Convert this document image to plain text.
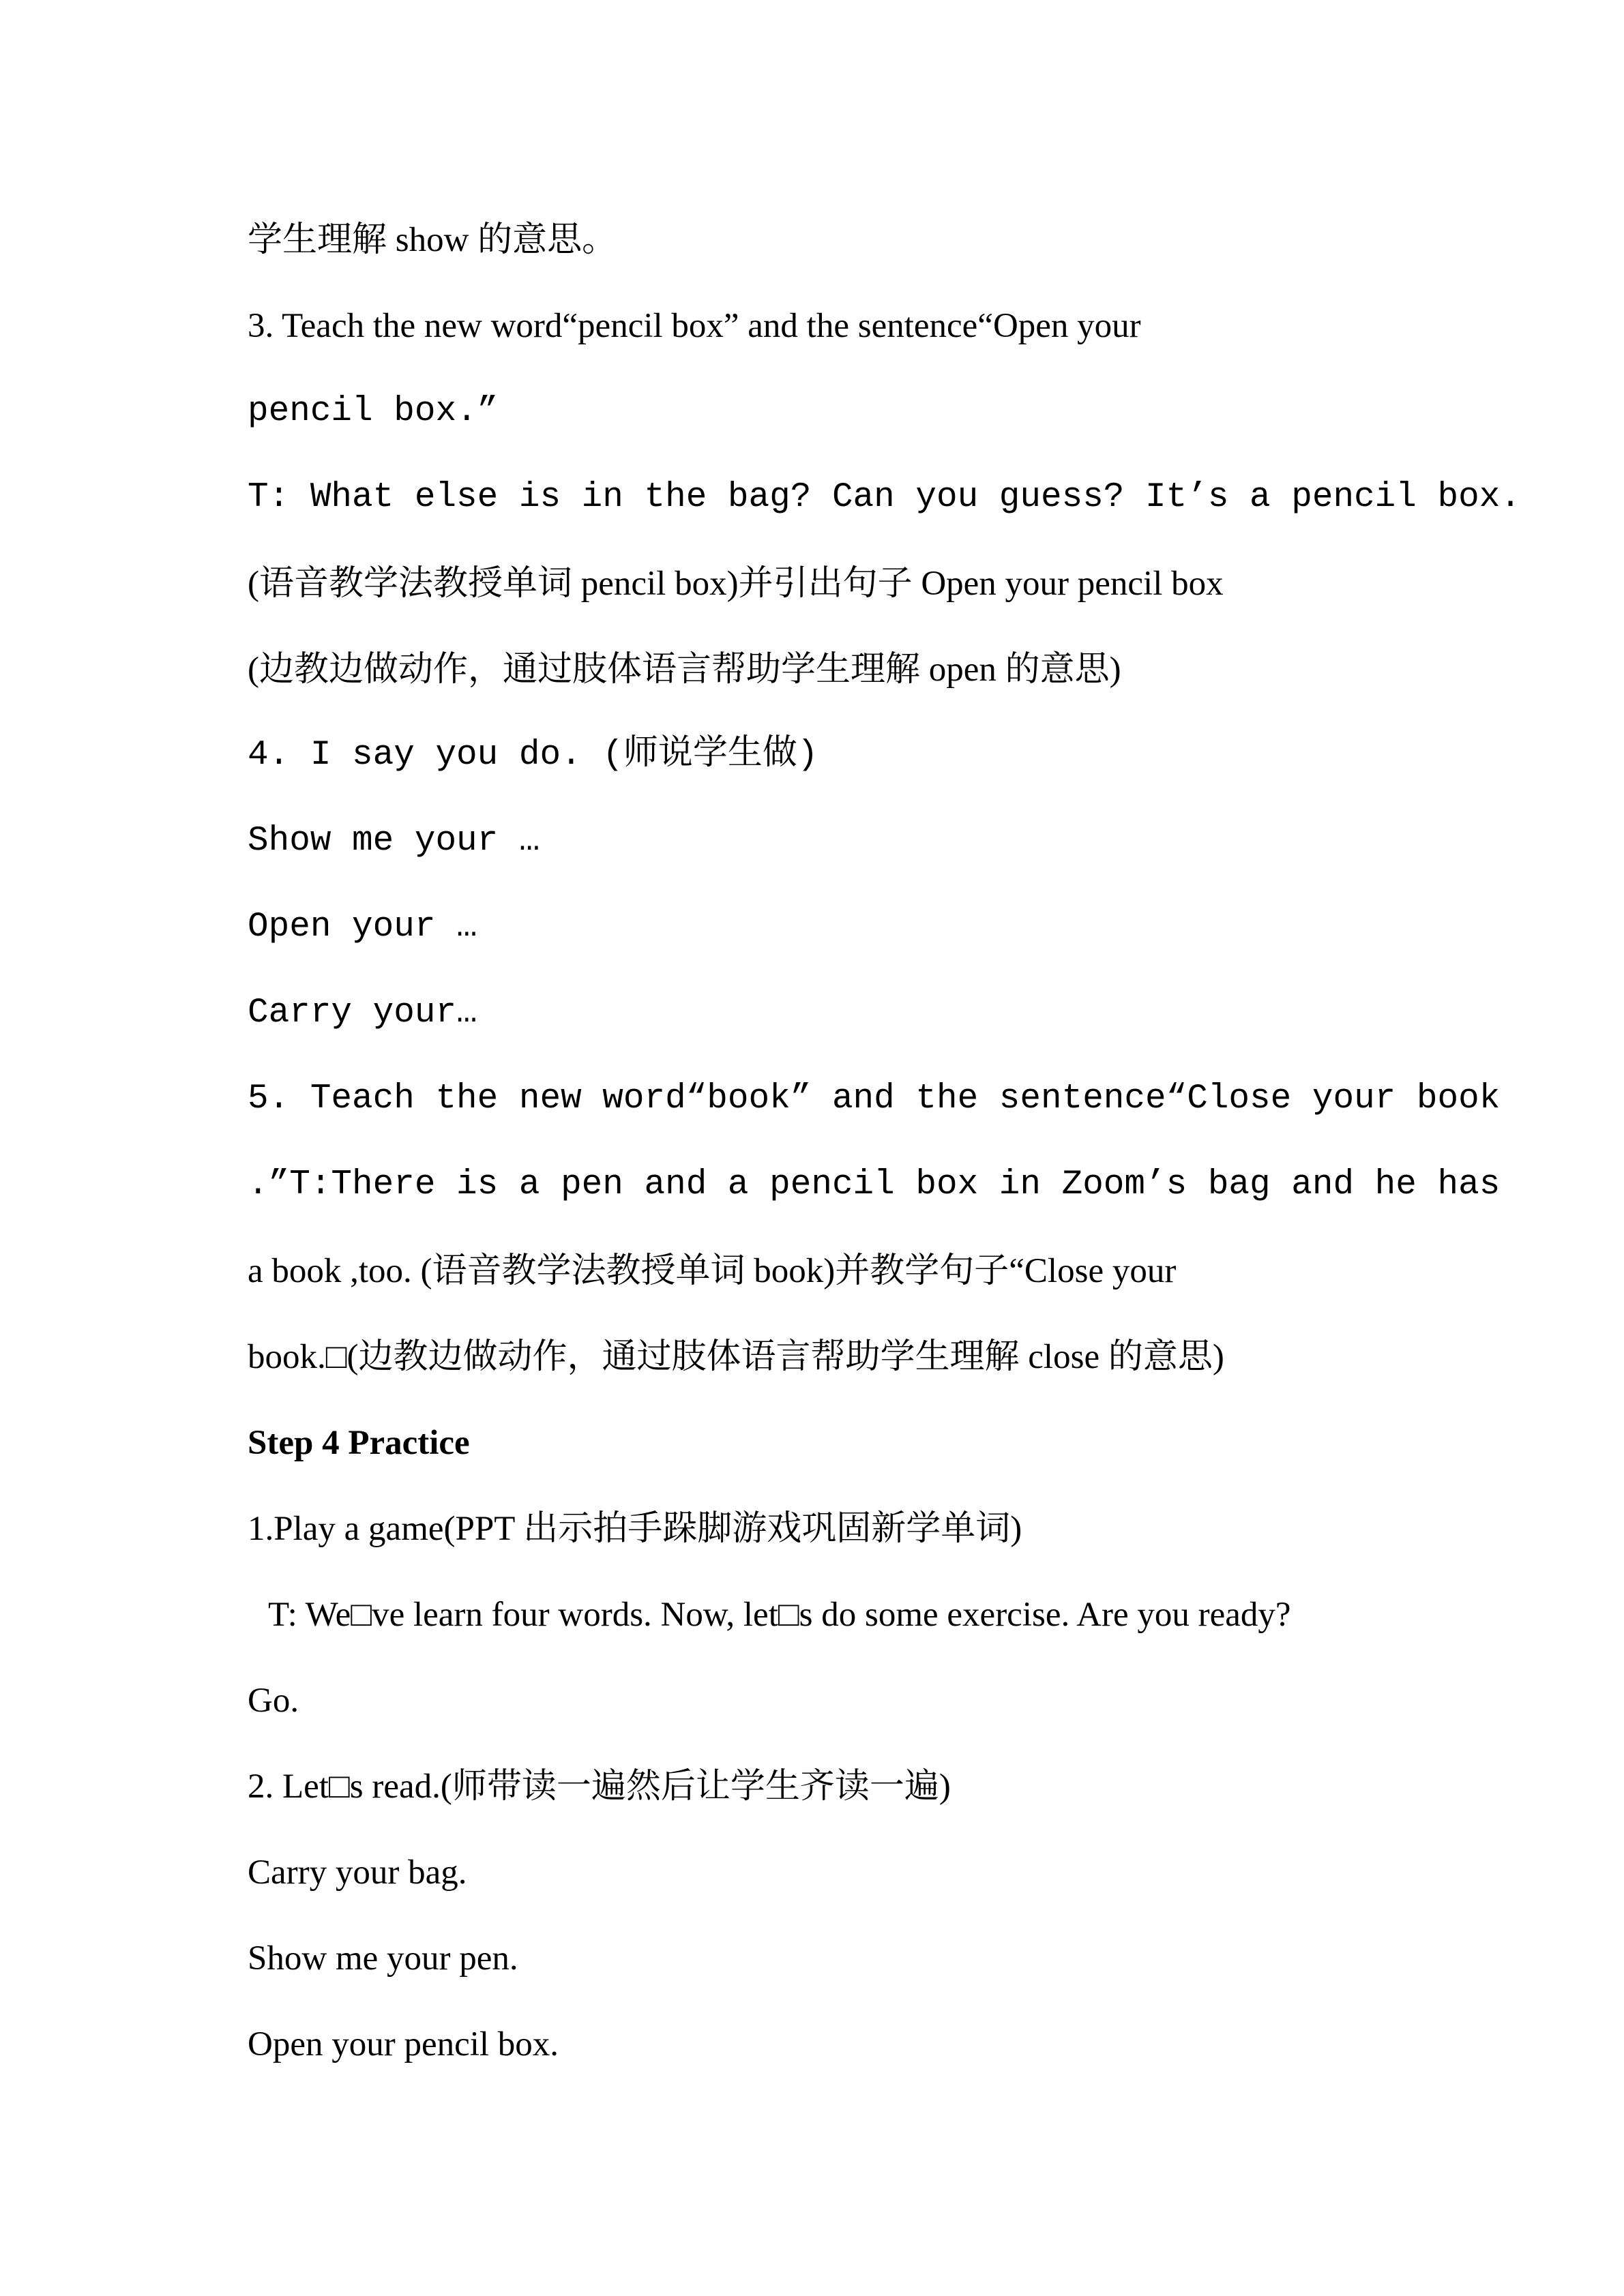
学生理解 show 的意思。
3. Teach the new word“pencil box” and the sentence“Open your
pencil box.”
T: What else is in the bag? Can you guess? It’s a pencil box.
(语音教学法教授单词 pencil box)并引出句子 Open your pencil box
(边教边做动作，通过肢体语言帮助学生理解 open 的意思)
4. I say you do. (师说学生做)
Show me your …
Open your …
Carry your…
5. Teach the new word“book” and the sentence“Close your book
.”T:There is a pen and a pencil box in Zoom’s bag and he has
a book ,too. (语音教学法教授单词 book)并教学句子“Close your
book.□(边教边做动作，通过肢体语言帮助学生理解 close 的意思)
Step 4 Practice
1.Play a game(PPT 出示拍手跺脚游戏巩固新学单词)
T: We□ve learn four words. Now, let□s do some exercise. Are you ready?
Go.
2. Let□s read.(师带读一遍然后让学生齐读一遍)
Carry your bag.
Show me your pen.
Open your pencil box.
